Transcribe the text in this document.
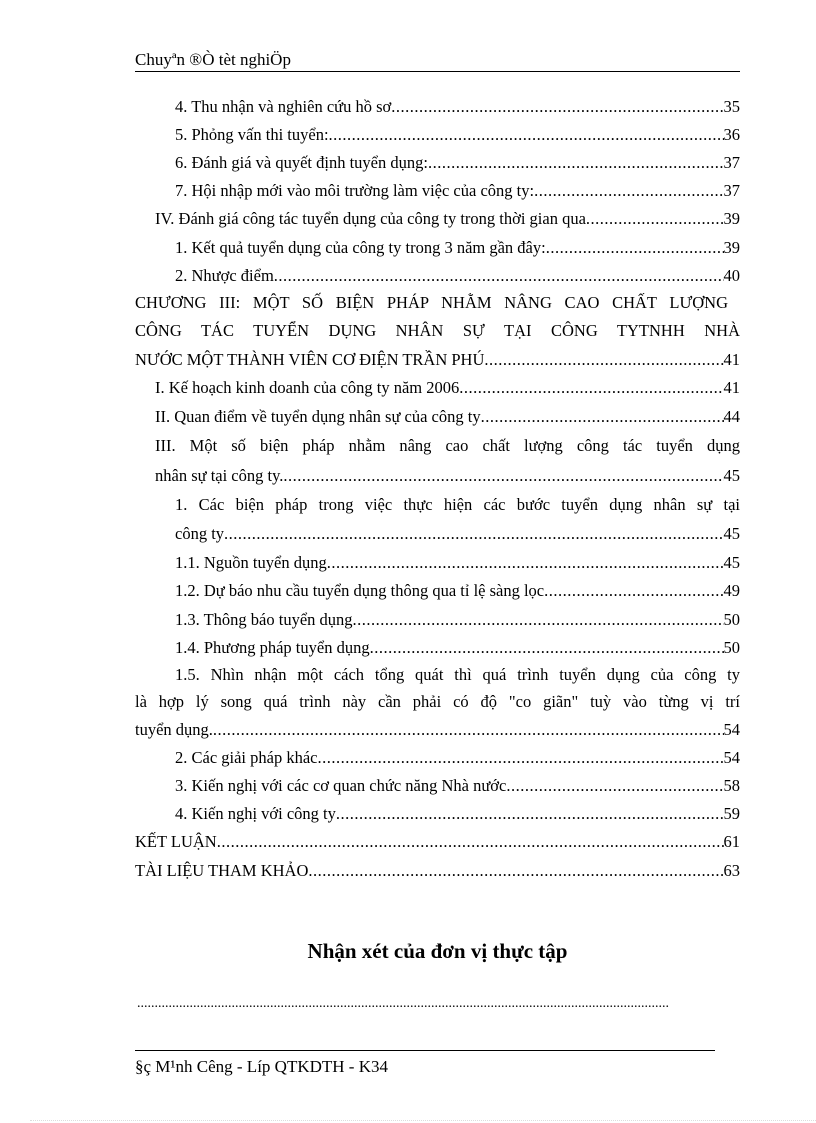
Chuyªn ®Ò tèt nghiÖp
4. Thu nhận và nghiên cứu hồ sơ .....	35
5. Phỏng vấn thi tuyển: .....	36
6. Đánh giá và quyết định tuyển dụng: .....	37
7. Hội nhập mới vào môi trường làm việc của công ty: .....	37
IV. Đánh giá công tác tuyển dụng của công ty trong thời gian qua .....	39
1. Kết quả tuyển dụng của công ty trong 3 năm gần đây: .....	39
2. Nhược điểm .....	40
CHƯƠNG III: MỘT SỐ BIỆN PHÁP NHẰM NÂNG CAO CHẤT LƯỢNG
CÔNG TÁC TUYỂN DỤNG NHÂN SỰ TẠI CÔNG TYTNHH NHÀ
NƯỚC MỘT THÀNH VIÊN CƠ ĐIỆN TRẦN PHÚ .....	41
I. Kế hoạch kinh doanh của công ty năm 2006 .....	41
II. Quan điểm về tuyển dụng nhân sự của công ty .....	44
III. Một số biện pháp nhằm nâng cao chất lượng công tác tuyển dụng
nhân sự tại công ty. .....	45
1. Các biện pháp trong việc thực hiện các bước tuyển dụng nhân sự tại
công ty .....	45
1.1. Nguồn tuyển dụng .....	45
1.2. Dự báo nhu cầu tuyển dụng thông qua tỉ lệ sàng lọc .....	49
1.3. Thông báo tuyển dụng .....	50
1.4. Phương pháp tuyển dụng .....	50
1.5. Nhìn nhận một cách tổng quát thì quá trình tuyển dụng của công ty
là hợp lý song quá trình này cần phải có độ "co giãn" tuỳ vào từng vị trí
tuyển dụng. .....	54
2. Các giải pháp khác .....	54
3. Kiến nghị với các cơ quan chức năng Nhà nước .....	58
4. Kiến nghị với công ty .....	59
KẾT LUẬN .....	61
TÀI LIỆU THAM KHẢO .....	63
Nhận xét của đơn vị thực tập
........................................................................................................................................................
§ç M¹nh Cêng - Líp QTKDTH - K34
